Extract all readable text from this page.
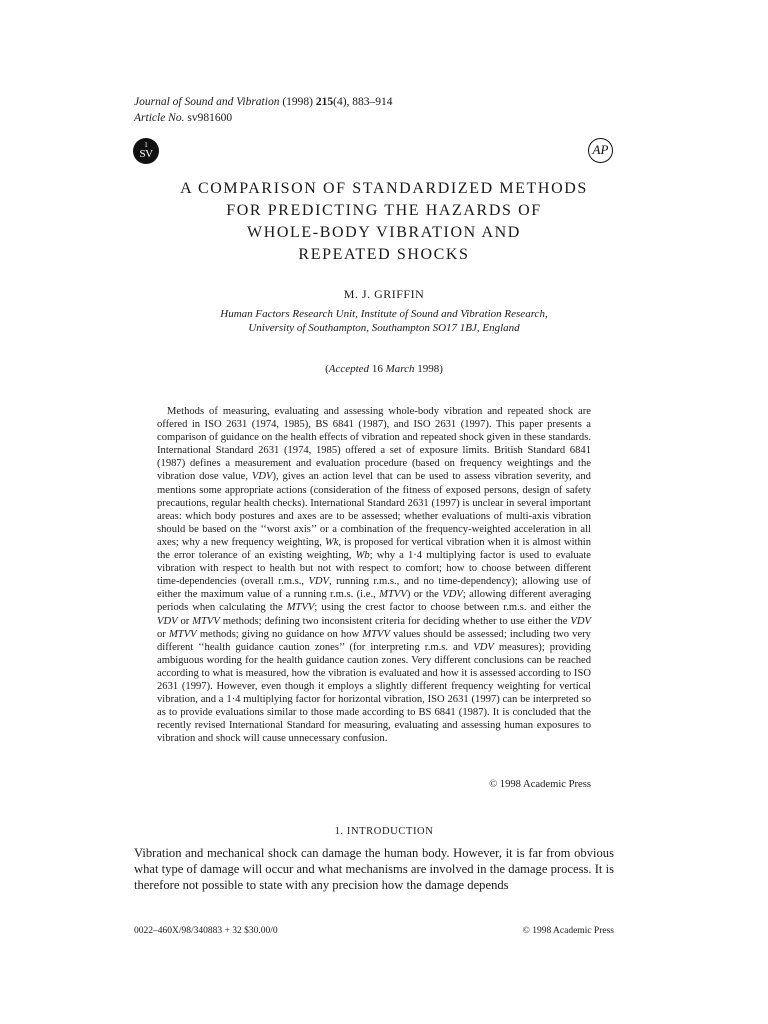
Journal of Sound and Vibration (1998) 215(4), 883–914
Article No. sv981600
1
SV	AP
A COMPARISON OF STANDARDIZED METHODS
FOR PREDICTING THE HAZARDS OF
WHOLE-BODY VIBRATION AND
REPEATED SHOCKS
M. J. GRIFFIN
Human Factors Research Unit, Institute of Sound and Vibration Research,
University of Southampton, Southampton SO17 1BJ, England
(Accepted 16 March 1998)

Methods of measuring, evaluating and assessing whole-body vibration and repeated shock are offered in ISO 2631 (1974, 1985), BS 6841 (1987), and ISO 2631 (1997). This paper presents a comparison of guidance on the health effects of vibration and repeated shock given in these standards. International Standard 2631 (1974, 1985) offered a set of exposure limits. British Standard 6841 (1987) defines a measurement and evaluation procedure (based on frequency weightings and the vibration dose value, VDV), gives an action level that can be used to assess vibration severity, and mentions some appropriate actions (consideration of the fitness of exposed persons, design of safety precautions, regular health checks). International Standard 2631 (1997) is unclear in several important areas: which body postures and axes are to be assessed; whether evaluations of multi-axis vibration should be based on the ‘‘worst axis’’ or a combination of the frequency-weighted acceleration in all axes; why a new frequency weighting, Wk, is proposed for vertical vibration when it is almost within the error tolerance of an existing weighting, Wb; why a 1·4 multiplying factor is used to evaluate vibration with respect to health but not with respect to comfort; how to choose between different time-dependencies (overall r.m.s., VDV, running r.m.s., and no time-dependency); allowing use of either the maximum value of a running r.m.s. (i.e., MTVV) or the VDV; allowing different averaging periods when calculating the MTVV; using the crest factor to choose between r.m.s. and either the VDV or MTVV methods; defining two inconsistent criteria for deciding whether to use either the VDV or MTVV methods; giving no guidance on how MTVV values should be assessed; including two very different ‘‘health guidance caution zones’’ (for interpreting r.m.s. and VDV measures); providing ambiguous wording for the health guidance caution zones. Very different conclusions can be reached according to what is measured, how the vibration is evaluated and how it is assessed according to ISO 2631 (1997). However, even though it employs a slightly different frequency weighting for vertical vibration, and a 1·4 multiplying factor for horizontal vibration, ISO 2631 (1997) can be interpreted so as to provide evaluations similar to those made according to BS 6841 (1987). It is concluded that the recently revised International Standard for measuring, evaluating and assessing human exposures to vibration and shock will cause unnecessary confusion.

© 1998 Academic Press
1. INTRODUCTION

Vibration and mechanical shock can damage the human body. However, it is far from obvious what type of damage will occur and what mechanisms are involved in the damage process. It is therefore not possible to state with any precision how the damage depends

0022–460X/98/340883 + 32 $30.00/0	© 1998 Academic Press
